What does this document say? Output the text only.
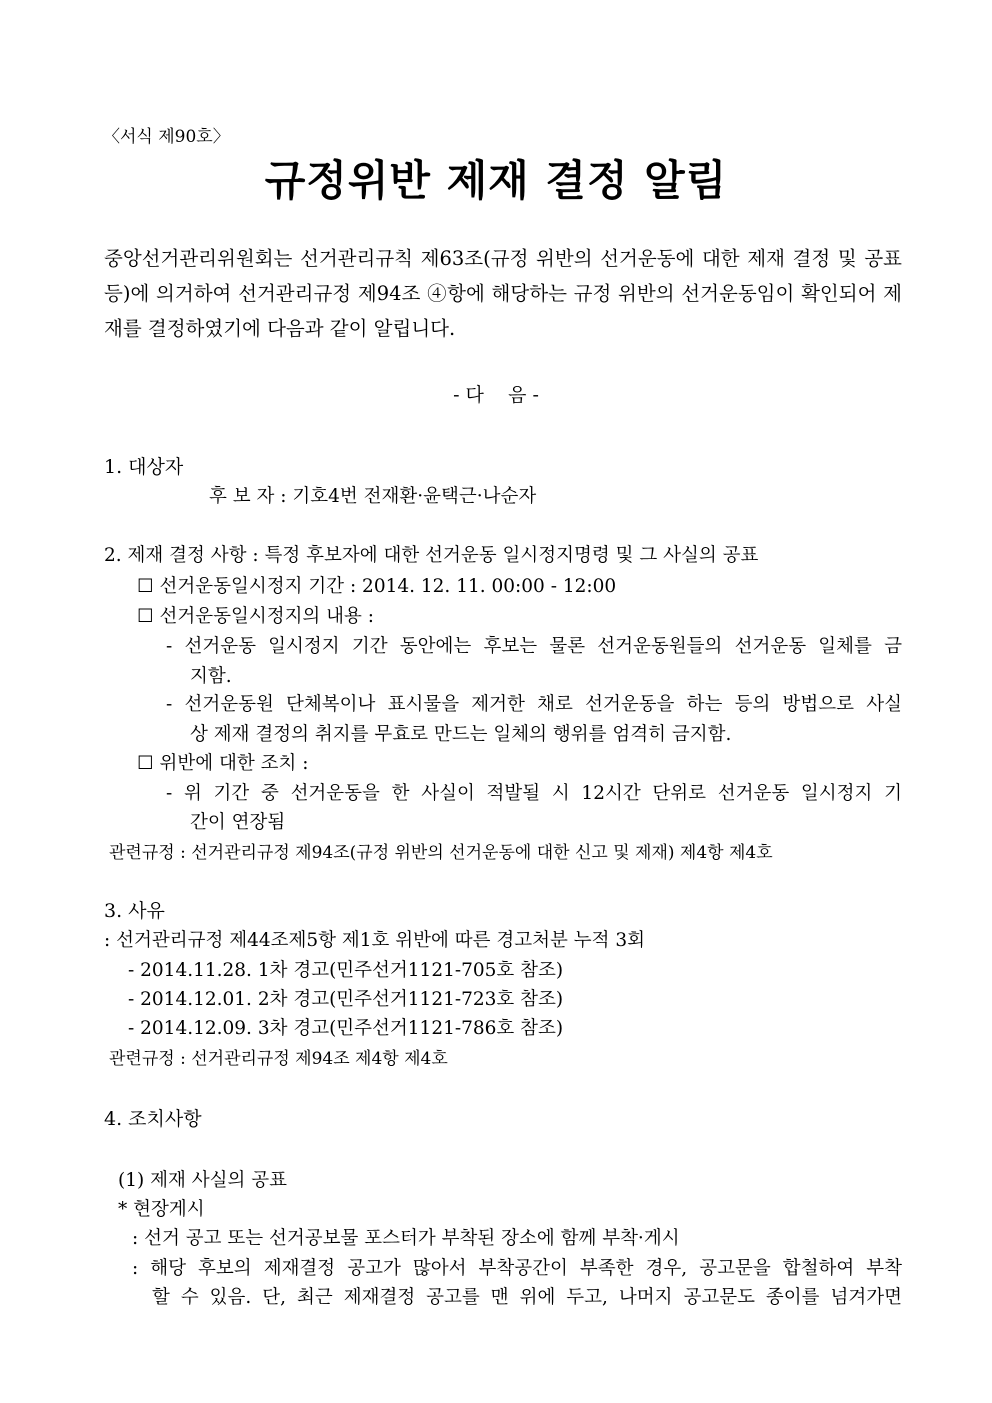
〈서식 제90호〉
규정위반 제재 결정 알림
중앙선거관리위원회는 선거관리규칙 제63조(규정 위반의 선거운동에 대한 제재 결정 및 공표
등)에 의거하여 선거관리규정 제94조 ④항에 해당하는 규정 위반의 선거운동임이 확인되어 제
재를 결정하였기에 다음과 같이 알립니다.
- 다    음 -
1. 대상자
후 보 자 : 기호4번 전재환·윤택근·나순자
2. 제재 결정 사항 : 특정 후보자에 대한 선거운동 일시정지명령 및 그 사실의 공표
☐ 선거운동일시정지 기간 : 2014. 12. 11. 00:00 - 12:00
☐ 선거운동일시정지의 내용 :
- 선거운동 일시정지 기간 동안에는 후보는 물론 선거운동원들의 선거운동 일체를 금
지함.
- 선거운동원 단체복이나 표시물을 제거한 채로 선거운동을 하는 등의 방법으로 사실
상 제재 결정의 취지를 무효로 만드는 일체의 행위를 엄격히 금지함.
☐ 위반에 대한 조치 :
- 위 기간 중 선거운동을 한 사실이 적발될 시 12시간 단위로 선거운동 일시정지 기
간이 연장됨
관련규정 : 선거관리규정 제94조(규정 위반의 선거운동에 대한 신고 및 제재) 제4항 제4호
3. 사유
: 선거관리규정 제44조제5항 제1호 위반에 따른 경고처분 누적 3회
- 2014.11.28. 1차 경고(민주선거1121-705호 참조)
- 2014.12.01. 2차 경고(민주선거1121-723호 참조)
- 2014.12.09. 3차 경고(민주선거1121-786호 참조)
관련규정 : 선거관리규정 제94조 제4항 제4호
4. 조치사항
(1) 제재 사실의 공표
* 현장게시
: 선거 공고 또는 선거공보물 포스터가 부착된 장소에 함께 부착·게시
: 해당 후보의 제재결정 공고가 많아서 부착공간이 부족한 경우, 공고문을 합철하여 부착
할 수 있음. 단, 최근 제재결정 공고를 맨 위에 두고, 나머지 공고문도 종이를 넘겨가면
